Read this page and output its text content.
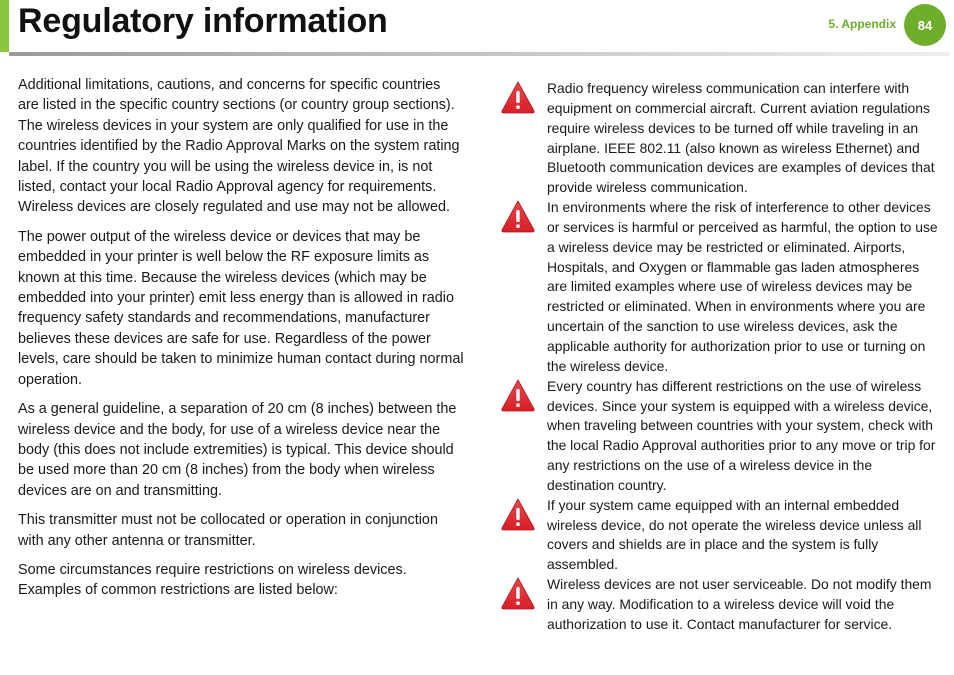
Regulatory information	5. Appendix 84

Additional limitations, cautions, and concerns for specific countries are listed in the specific country sections (or country group sections). The wireless devices in your system are only qualified for use in the countries identified by the Radio Approval Marks on the system rating label. If the country you will be using the wireless device in, is not listed, contact your local Radio Approval agency for requirements. Wireless devices are closely regulated and use may not be allowed.

The power output of the wireless device or devices that may be embedded in your printer is well below the RF exposure limits as known at this time. Because the wireless devices (which may be embedded into your printer) emit less energy than is allowed in radio frequency safety standards and recommendations, manufacturer believes these devices are safe for use. Regardless of the power levels, care should be taken to minimize human contact during normal operation.

As a general guideline, a separation of 20 cm (8 inches) between the wireless device and the body, for use of a wireless device near the body (this does not include extremities) is typical. This device should be used more than 20 cm (8 inches) from the body when wireless devices are on and transmitting.

This transmitter must not be collocated or operation in conjunction with any other antenna or transmitter.

Some circumstances require restrictions on wireless devices. Examples of common restrictions are listed below:

Radio frequency wireless communication can interfere with equipment on commercial aircraft. Current aviation regulations require wireless devices to be turned off while traveling in an airplane. IEEE 802.11 (also known as wireless Ethernet) and Bluetooth communication devices are examples of devices that provide wireless communication.

In environments where the risk of interference to other devices or services is harmful or perceived as harmful, the option to use a wireless device may be restricted or eliminated. Airports, Hospitals, and Oxygen or flammable gas laden atmospheres are limited examples where use of wireless devices may be restricted or eliminated. When in environments where you are uncertain of the sanction to use wireless devices, ask the applicable authority for authorization prior to use or turning on the wireless device.

Every country has different restrictions on the use of wireless devices. Since your system is equipped with a wireless device, when traveling between countries with your system, check with the local Radio Approval authorities prior to any move or trip for any restrictions on the use of a wireless device in the destination country.

If your system came equipped with an internal embedded wireless device, do not operate the wireless device unless all covers and shields are in place and the system is fully assembled.

Wireless devices are not user serviceable. Do not modify them in any way. Modification to a wireless device will void the authorization to use it. Contact manufacturer for service.
